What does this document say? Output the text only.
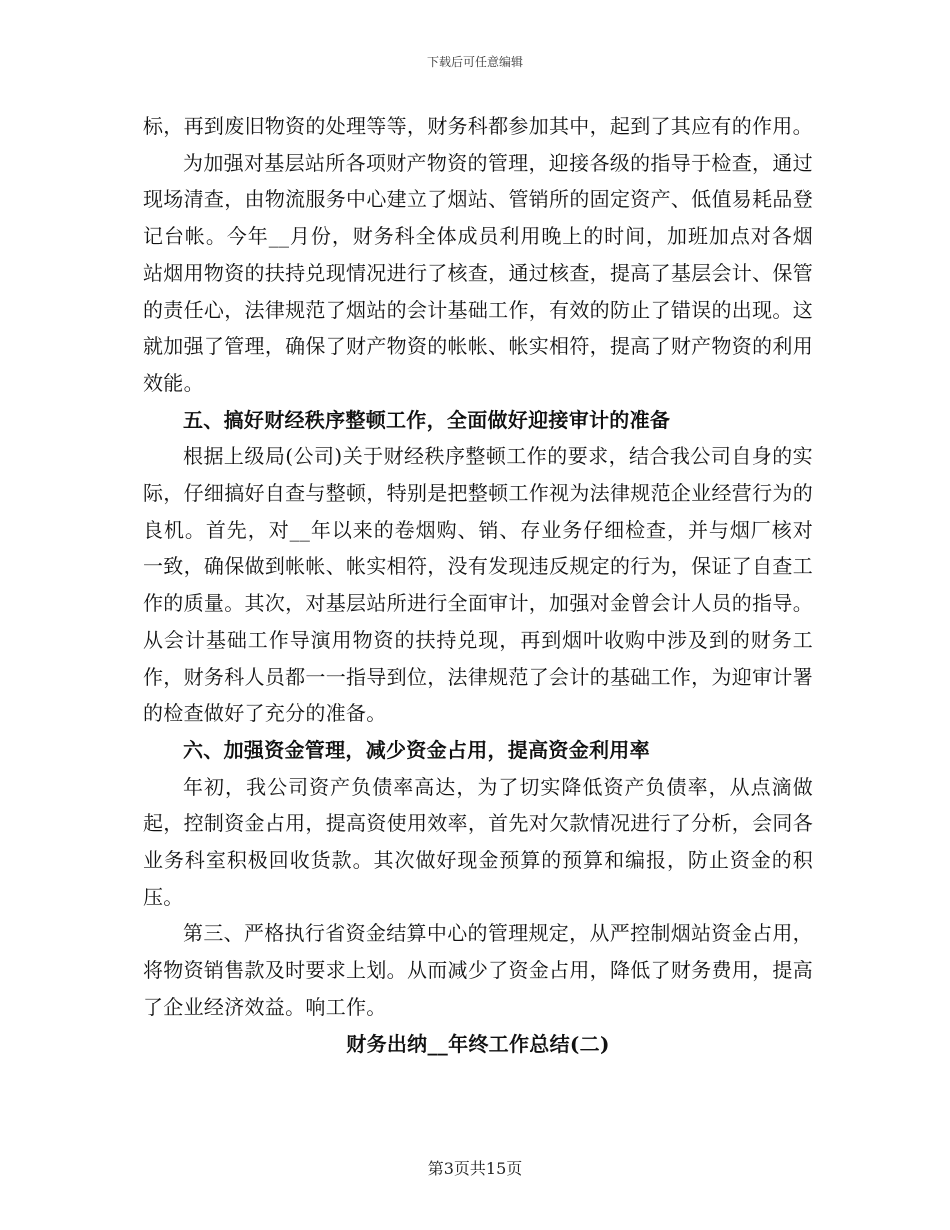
下载后可任意编辑

标，再到废旧物资的处理等等，财务科都参加其中，起到了其应有的作用。

为加强对基层站所各项财产物资的管理，迎接各级的指导于检查，通过现场清查，由物流服务中心建立了烟站、管销所的固定资产、低值易耗品登记台帐。今年__月份，财务科全体成员利用晚上的时间，加班加点对各烟站烟用物资的扶持兑现情况进行了核查，通过核查，提高了基层会计、保管的责任心，法律规范了烟站的会计基础工作，有效的防止了错误的出现。这就加强了管理，确保了财产物资的帐帐、帐实相符，提高了财产物资的利用效能。

五、搞好财经秩序整顿工作，全面做好迎接审计的准备

根据上级局(公司)关于财经秩序整顿工作的要求，结合我公司自身的实际，仔细搞好自查与整顿，特别是把整顿工作视为法律规范企业经营行为的良机。首先，对__年以来的卷烟购、销、存业务仔细检查，并与烟厂核对一致，确保做到帐帐、帐实相符，没有发现违反规定的行为，保证了自查工作的质量。其次，对基层站所进行全面审计，加强对金曾会计人员的指导。从会计基础工作导演用物资的扶持兑现，再到烟叶收购中涉及到的财务工作，财务科人员都一一指导到位，法律规范了会计的基础工作，为迎审计署的检查做好了充分的准备。

六、加强资金管理，减少资金占用，提高资金利用率

年初，我公司资产负债率高达，为了切实降低资产负债率，从点滴做起，控制资金占用，提高资使用效率，首先对欠款情况进行了分析，会同各业务科室积极回收货款。其次做好现金预算的预算和编报，防止资金的积压。

第三、严格执行省资金结算中心的管理规定，从严控制烟站资金占用，将物资销售款及时要求上划。从而减少了资金占用，降低了财务费用，提高了企业经济效益。响工作。

财务出纳__年终工作总结(二)

第3页共15页
